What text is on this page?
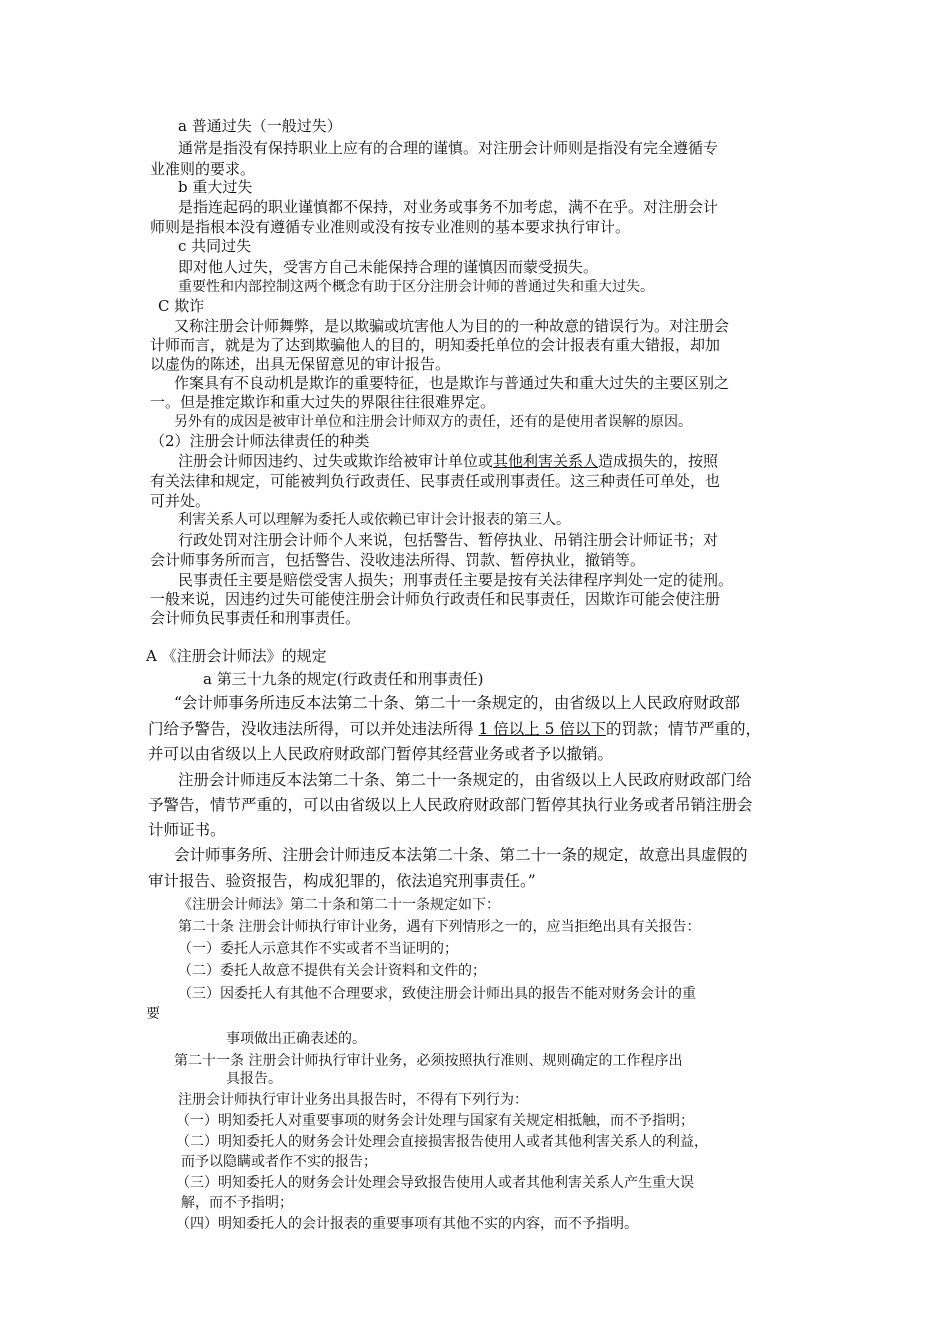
a 普通过失（一般过失）
通常是指没有保持职业上应有的合理的谨慎。对注册会计师则是指没有完全遵循专
业准则的要求。
b 重大过失
是指连起码的职业谨慎都不保持，对业务或事务不加考虑，满不在乎。对注册会计
师则是指根本没有遵循专业准则或没有按专业准则的基本要求执行审计。
c 共同过失
即对他人过失，受害方自己未能保持合理的谨慎因而蒙受损失。
重要性和内部控制这两个概念有助于区分注册会计师的普通过失和重大过失。
C 欺诈
又称注册会计师舞弊，是以欺骗或坑害他人为目的的一种故意的错误行为。对注册会
计师而言，就是为了达到欺骗他人的目的，明知委托单位的会计报表有重大错报，却加
以虚伪的陈述，出具无保留意见的审计报告。
作案具有不良动机是欺诈的重要特征，也是欺诈与普通过失和重大过失的主要区别之
一。但是推定欺诈和重大过失的界限往往很难界定。
另外有的成因是被审计单位和注册会计师双方的责任，还有的是使用者误解的原因。
（2）注册会计师法律责任的种类
注册会计师因违约、过失或欺诈给被审计单位或其他利害关系人造成损失的，按照
有关法律和规定，可能被判负行政责任、民事责任或刑事责任。这三种责任可单处，也
可并处。
利害关系人可以理解为委托人或依赖已审计会计报表的第三人。
行政处罚对注册会计师个人来说，包括警告、暂停执业、吊销注册会计师证书；对
会计师事务所而言，包括警告、没收违法所得、罚款、暂停执业，撤销等。
民事责任主要是赔偿受害人损失；刑事责任主要是按有关法律程序判处一定的徒刑。
一般来说，因违约过失可能使注册会计师负行政责任和民事责任，因欺诈可能会使注册
会计师负民事责任和刑事责任。
A 《注册会计师法》的规定
a 第三十九条的规定(行政责任和刑事责任)
“会计师事务所违反本法第二十条、第二十一条规定的，由省级以上人民政府财政部
门给予警告，没收违法所得，可以并处违法所得 1 倍以上 5 倍以下的罚款；情节严重的，
并可以由省级以上人民政府财政部门暂停其经营业务或者予以撤销。
注册会计师违反本法第二十条、第二十一条规定的，由省级以上人民政府财政部门给
予警告，情节严重的，可以由省级以上人民政府财政部门暂停其执行业务或者吊销注册会
计师证书。
会计师事务所、注册会计师违反本法第二十条、第二十一条的规定，故意出具虚假的
审计报告、验资报告，构成犯罪的，依法追究刑事责任。”
《注册会计师法》第二十条和第二十一条规定如下：
第二十条 注册会计师执行审计业务，遇有下列情形之一的，应当拒绝出具有关报告：
（一）委托人示意其作不实或者不当证明的；
（二）委托人故意不提供有关会计资料和文件的；
（三）因委托人有其他不合理要求，致使注册会计师出具的报告不能对财务会计的重
要
事项做出正确表述的。
第二十一条 注册会计师执行审计业务，必须按照执行准则、规则确定的工作程序出
具报告。
注册会计师执行审计业务出具报告时，不得有下列行为：
（一）明知委托人对重要事项的财务会计处理与国家有关规定相抵触，而不予指明；
（二）明知委托人的财务会计处理会直接损害报告使用人或者其他利害关系人的利益，
而予以隐瞒或者作不实的报告；
（三）明知委托人的财务会计处理会导致报告使用人或者其他利害关系人产生重大误
解，而不予指明；
（四）明知委托人的会计报表的重要事项有其他不实的内容，而不予指明。
